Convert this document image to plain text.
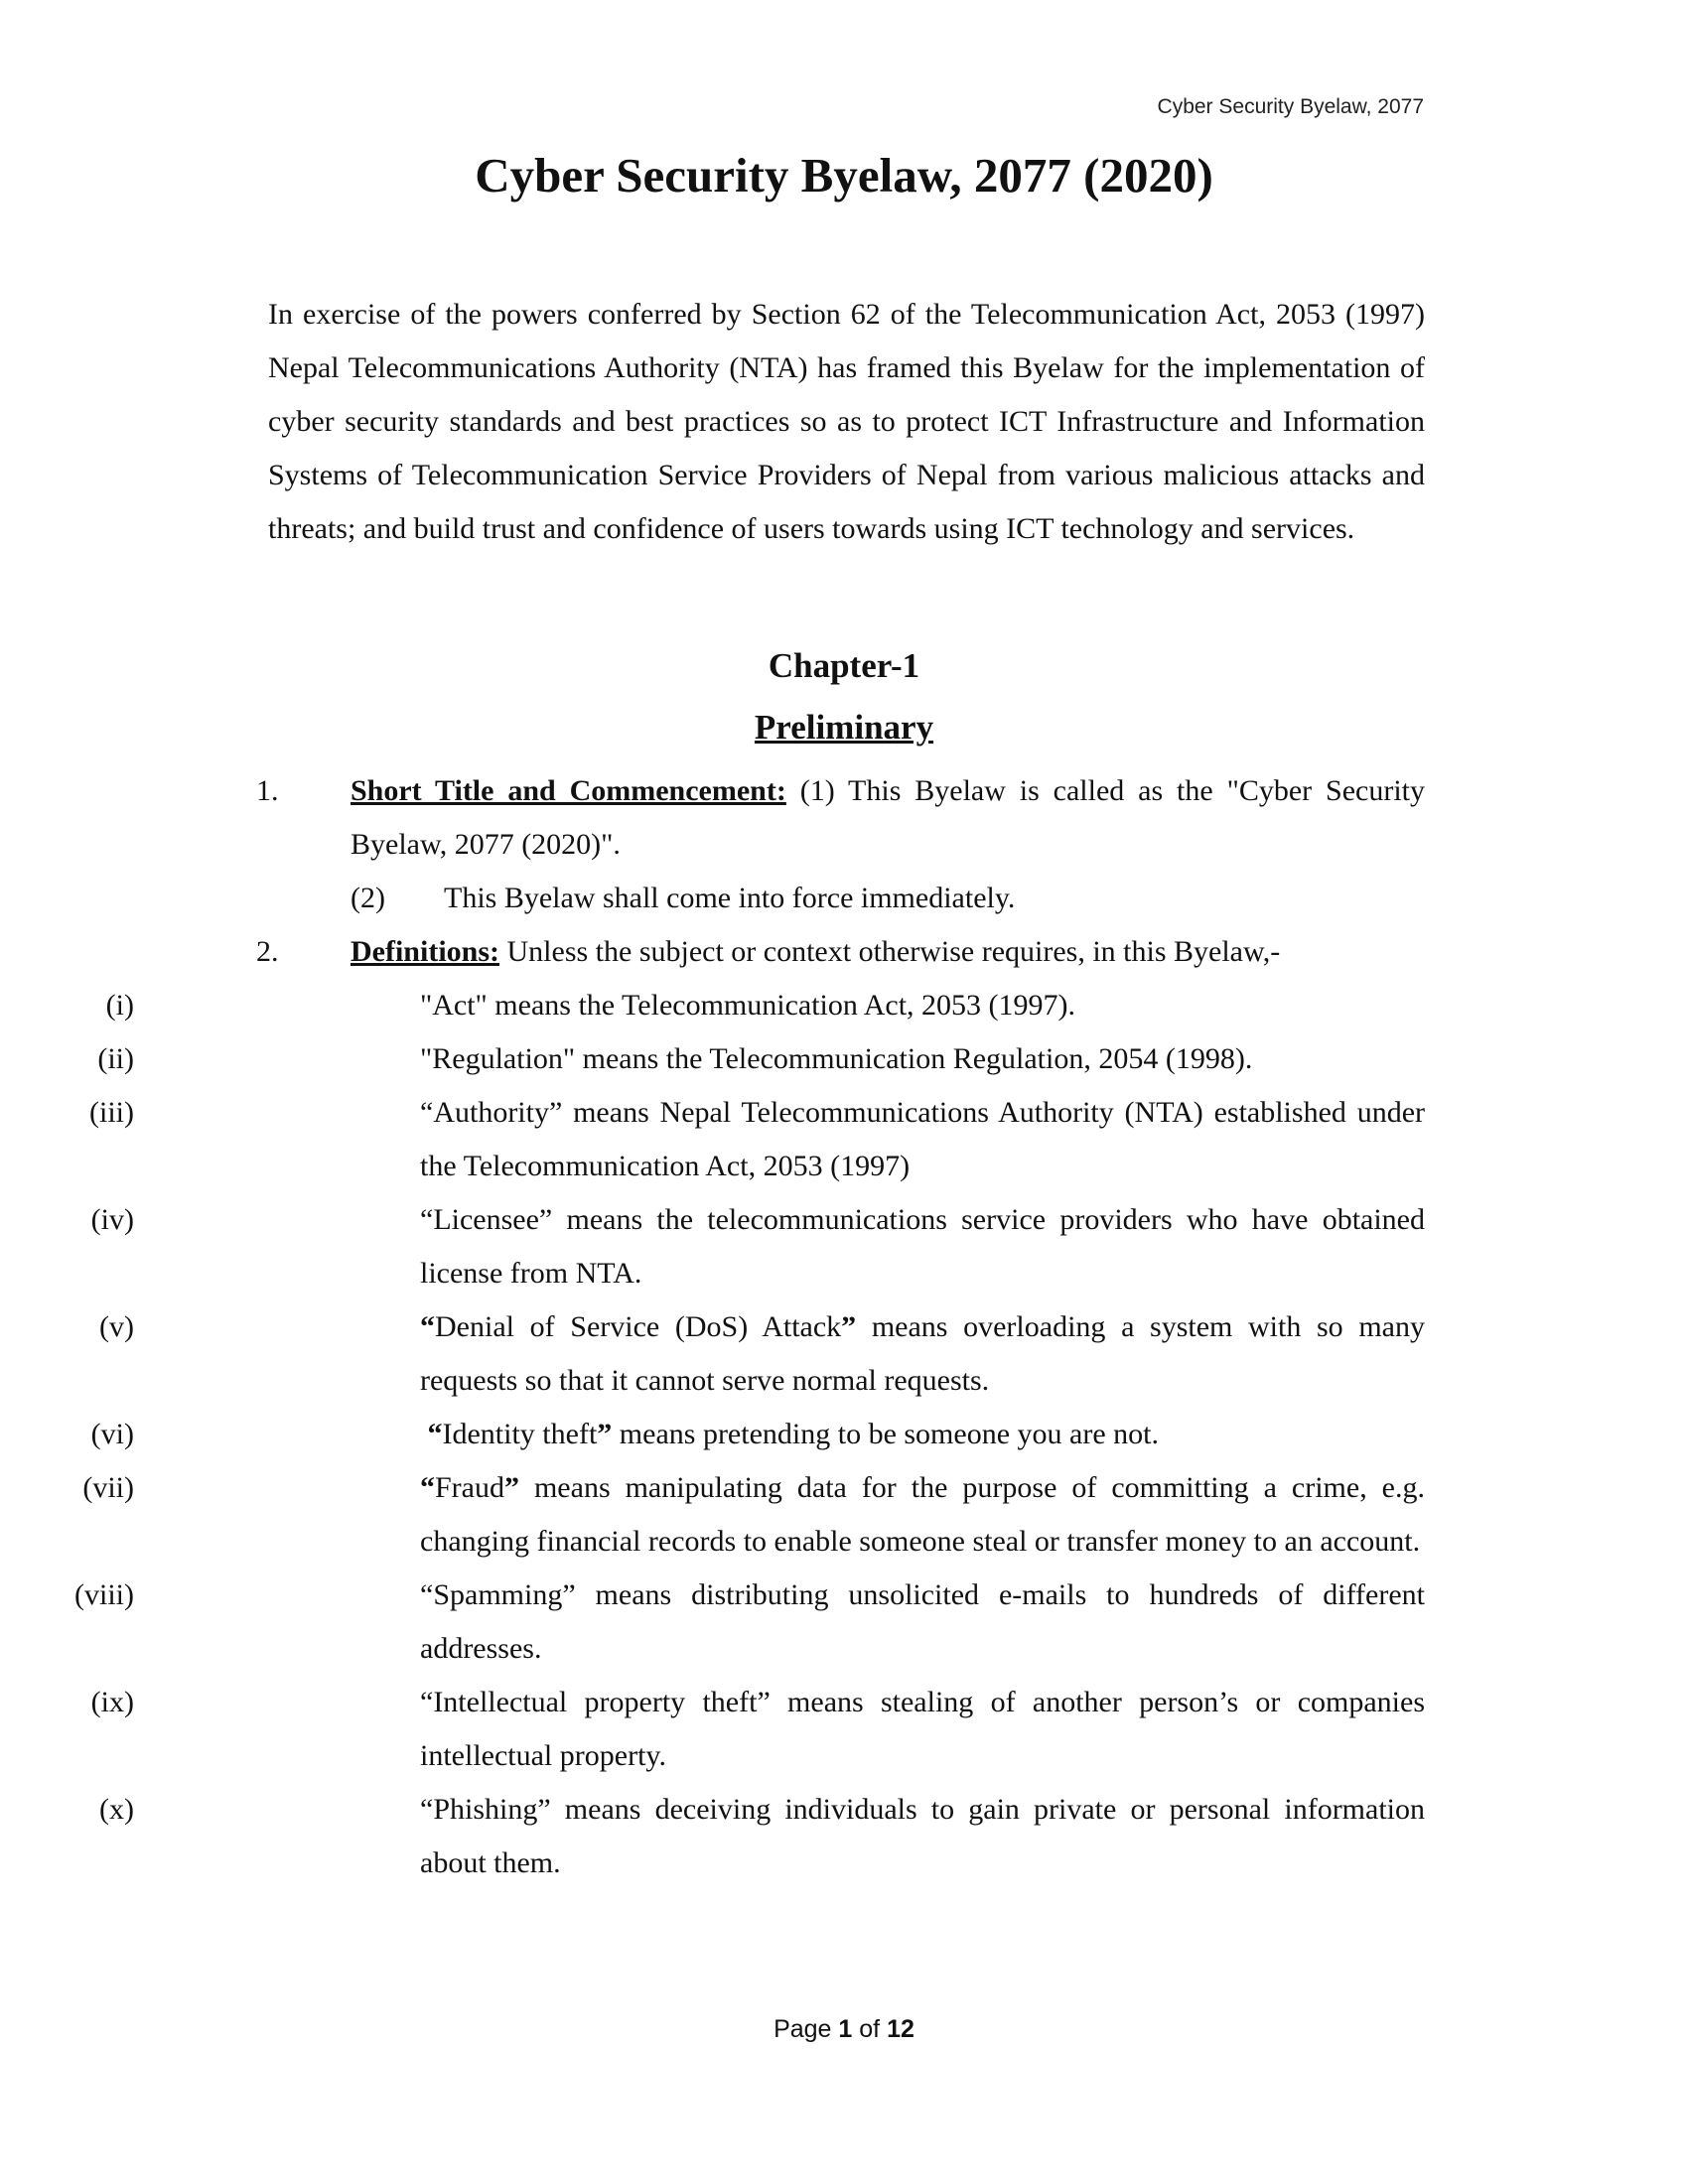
Cyber Security Byelaw, 2077
Cyber Security Byelaw, 2077 (2020)

In exercise of the powers conferred by Section 62 of the Telecommunication Act, 2053 (1997) Nepal Telecommunications Authority (NTA) has framed this Byelaw for the implementation of cyber security standards and best practices so as to protect ICT Infrastructure and Information Systems of Telecommunication Service Providers of Nepal from various malicious attacks and threats; and build trust and confidence of users towards using ICT technology and services.

Chapter-1
Preliminary
1. Short Title and Commencement: (1) This Byelaw is called as the "Cyber Security Byelaw, 2077 (2020)".
(2) This Byelaw shall come into force immediately.
2. Definitions: Unless the subject or context otherwise requires, in this Byelaw,-
(i)	"Act" means the Telecommunication Act, 2053 (1997).
(ii)	"Regulation" means the Telecommunication Regulation, 2054 (1998).
(iii)	“Authority” means Nepal Telecommunications Authority (NTA) established under the Telecommunication Act, 2053 (1997)
(iv)	“Licensee” means the telecommunications service providers who have obtained license from NTA.
(v)	“Denial of Service (DoS) Attack” means overloading a system with so many requests so that it cannot serve normal requests.
(vi)	“Identity theft” means pretending to be someone you are not.
(vii)	“Fraud” means manipulating data for the purpose of committing a crime, e.g. changing financial records to enable someone steal or transfer money to an account.
(viii)	“Spamming” means distributing unsolicited e-mails to hundreds of different addresses.
(ix)	“Intellectual property theft” means stealing of another person’s or companies intellectual property.
(x)	“Phishing” means deceiving individuals to gain private or personal information about them.
Page 1 of 12
